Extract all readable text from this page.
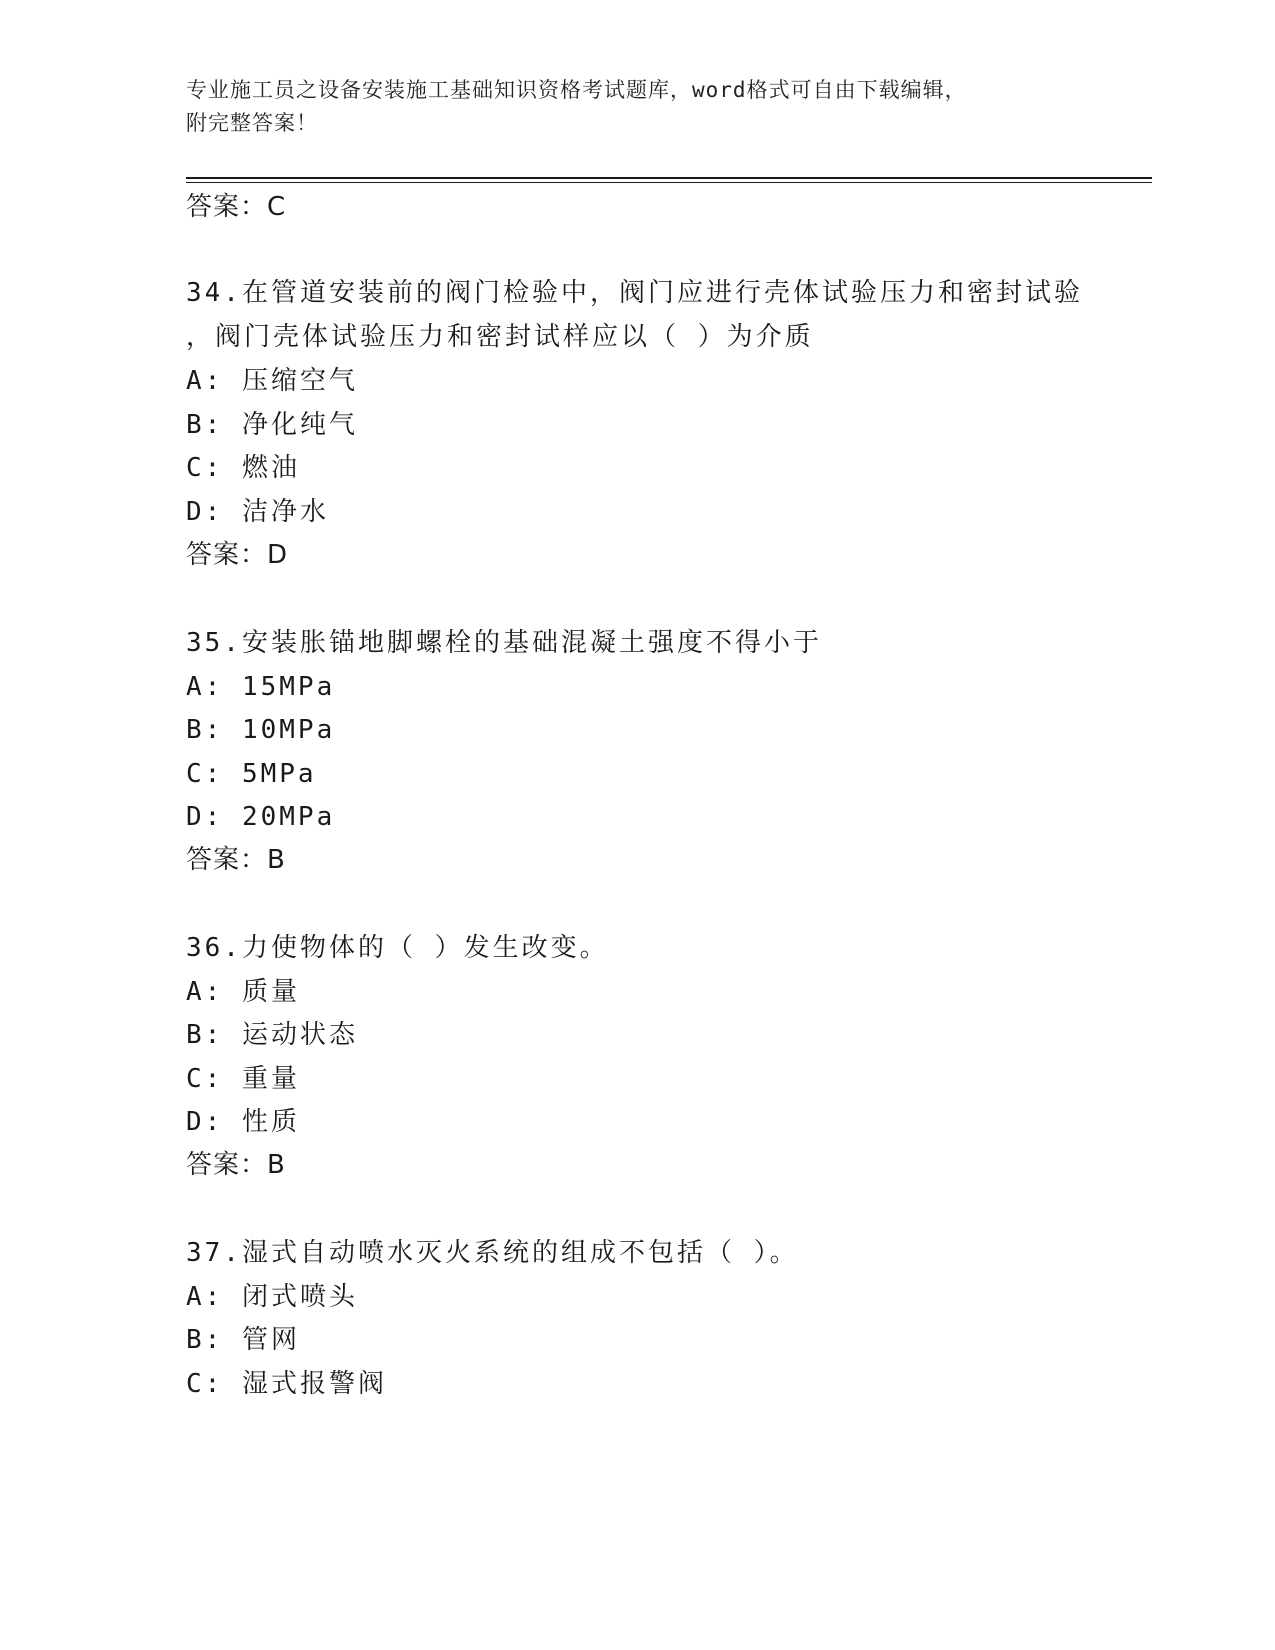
专业施工员之设备安装施工基础知识资格考试题库，word格式可自由下载编辑，
附完整答案！
答案：C
34.在管道安装前的阀门检验中，阀门应进行壳体试验压力和密封试验
，阀门壳体试验压力和密封试样应以（ ）为介质
A: 压缩空气
B: 净化纯气
C: 燃油
D: 洁净水
答案：D
35.安装胀锚地脚螺栓的基础混凝土强度不得小于
A: 15MPa
B: 10MPa
C: 5MPa
D: 20MPa
答案：B
36.力使物体的（ ）发生改变。
A: 质量
B: 运动状态
C: 重量
D: 性质
答案：B
37.湿式自动喷水灭火系统的组成不包括（ ）。
A: 闭式喷头
B: 管网
C: 湿式报警阀
